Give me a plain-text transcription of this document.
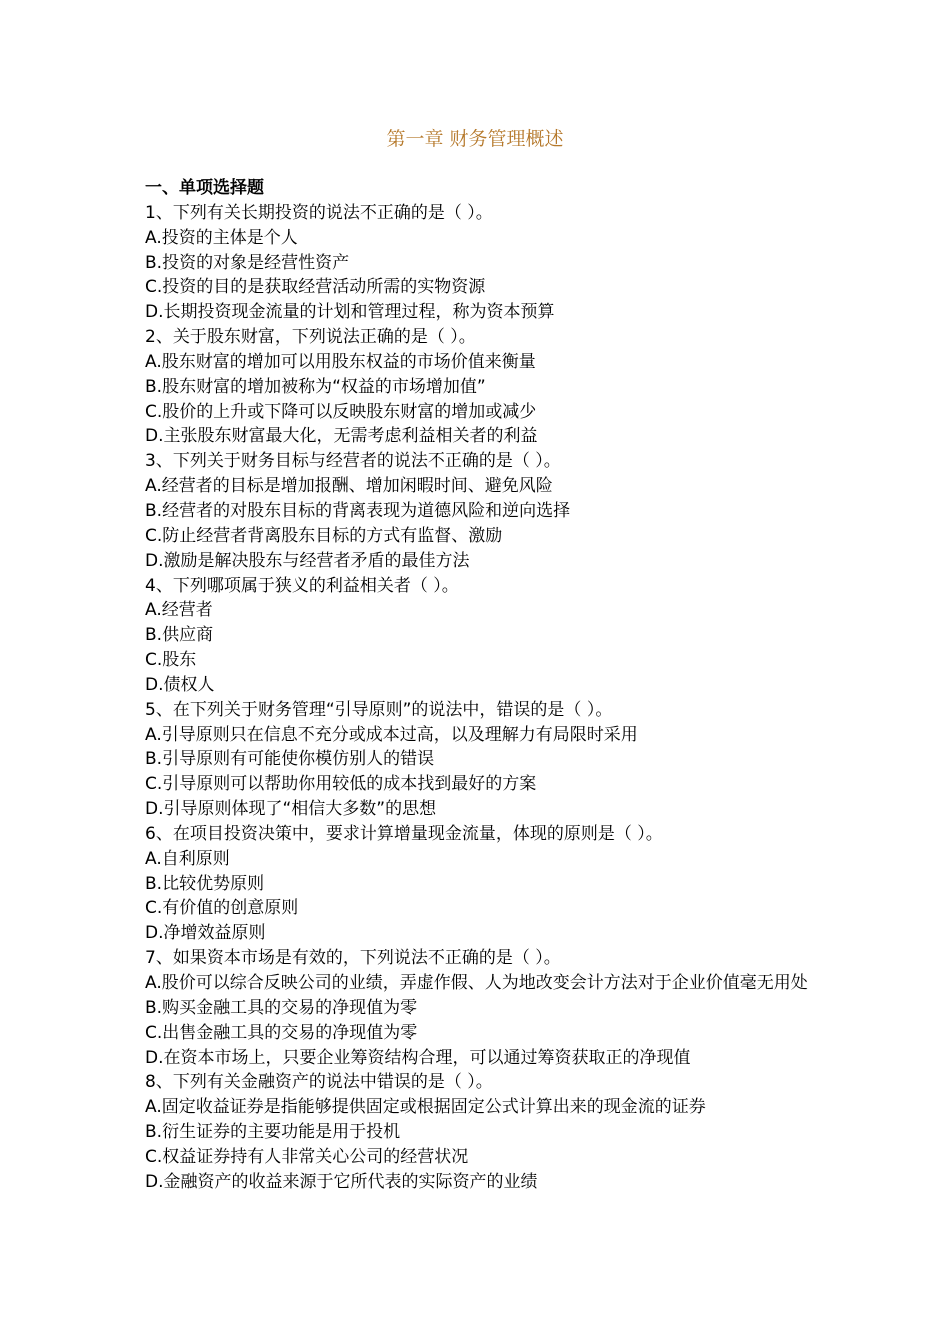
第一章 财务管理概述
一、单项选择题
1、下列有关长期投资的说法不正确的是（ ）。
A.投资的主体是个人
B.投资的对象是经营性资产
C.投资的目的是获取经营活动所需的实物资源
D.长期投资现金流量的计划和管理过程，称为资本预算
2、关于股东财富，下列说法正确的是（ ）。
A.股东财富的增加可以用股东权益的市场价值来衡量
B.股东财富的增加被称为“权益的市场增加值”
C.股价的上升或下降可以反映股东财富的增加或减少
D.主张股东财富最大化，无需考虑利益相关者的利益
3、下列关于财务目标与经营者的说法不正确的是（ ）。
A.经营者的目标是增加报酬、增加闲暇时间、避免风险
B.经营者的对股东目标的背离表现为道德风险和逆向选择
C.防止经营者背离股东目标的方式有监督、激励
D.激励是解决股东与经营者矛盾的最佳方法
4、下列哪项属于狭义的利益相关者（ ）。
A.经营者
B.供应商
C.股东
D.债权人
5、在下列关于财务管理“引导原则”的说法中，错误的是（ ）。
A.引导原则只在信息不充分或成本过高，以及理解力有局限时采用
B.引导原则有可能使你模仿别人的错误
C.引导原则可以帮助你用较低的成本找到最好的方案
D.引导原则体现了“相信大多数”的思想
6、在项目投资决策中，要求计算增量现金流量，体现的原则是（ ）。
A.自利原则
B.比较优势原则
C.有价值的创意原则
D.净增效益原则
7、如果资本市场是有效的，下列说法不正确的是（ ）。
A.股价可以综合反映公司的业绩，弄虚作假、人为地改变会计方法对于企业价值毫无用处
B.购买金融工具的交易的净现值为零
C.出售金融工具的交易的净现值为零
D.在资本市场上，只要企业筹资结构合理，可以通过筹资获取正的净现值
8、下列有关金融资产的说法中错误的是（ ）。
A.固定收益证券是指能够提供固定或根据固定公式计算出来的现金流的证券
B.衍生证券的主要功能是用于投机
C.权益证券持有人非常关心公司的经营状况
D.金融资产的收益来源于它所代表的实际资产的业绩
